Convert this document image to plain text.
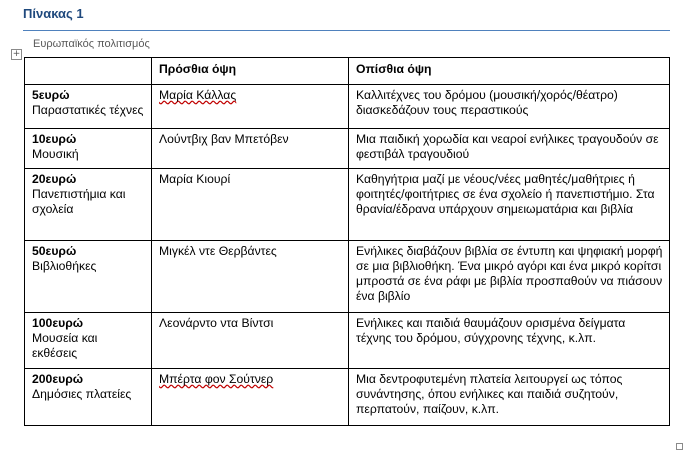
Πίνακας 1
Ευρωπαϊκός πολιτισμός
+
	Πρόσθια όψη	Οπίσθια όψη

5ευρώ
Παραστατικές τέχνες	Μαρία Κάλλας	Καλλιτέχνες του δρόμου (μουσική/χορός/θέατρο) διασκεδάζουν τους περαστικούς

10ευρώ
Μουσική	Λούντβιχ βαν Μπετόβεν	Μια παιδική χορωδία και νεαροί ενήλικες τραγουδούν σε φεστιβάλ τραγουδιού

20ευρώ
Πανεπιστήμια και σχολεία	Μαρία Κιουρί	Καθηγήτρια μαζί με νέους/νέες μαθητές/μαθήτριες ή φοιτητές/φοιτήτριες σε ένα σχολείο ή πανεπιστήμιο. Στα θρανία/έδρανα υπάρχουν σημειωματάρια και βιβλία

50ευρώ
Βιβλιοθήκες	Μιγκέλ ντε Θερβάντες	Ενήλικες διαβάζουν βιβλία σε έντυπη και ψηφιακή μορφή σε μια βιβλιοθήκη. Ένα μικρό αγόρι και ένα μικρό κορίτσι μπροστά σε ένα ράφι με βιβλία προσπαθούν να πιάσουν ένα βιβλίο

100ευρώ
Μουσεία και εκθέσεις	Λεονάρντο ντα Βίντσι	Ενήλικες και παιδιά θαυμάζουν ορισμένα δείγματα τέχνης του δρόμου, σύγχρονης τέχνης, κ.λπ.

200ευρώ
Δημόσιες πλατείες	Μπέρτα φον Σούτνερ	Μια δεντροφυτεμένη πλατεία λειτουργεί ως τόπος συνάντησης, όπου ενήλικες και παιδιά συζητούν, περπατούν, παίζουν, κ.λπ.
